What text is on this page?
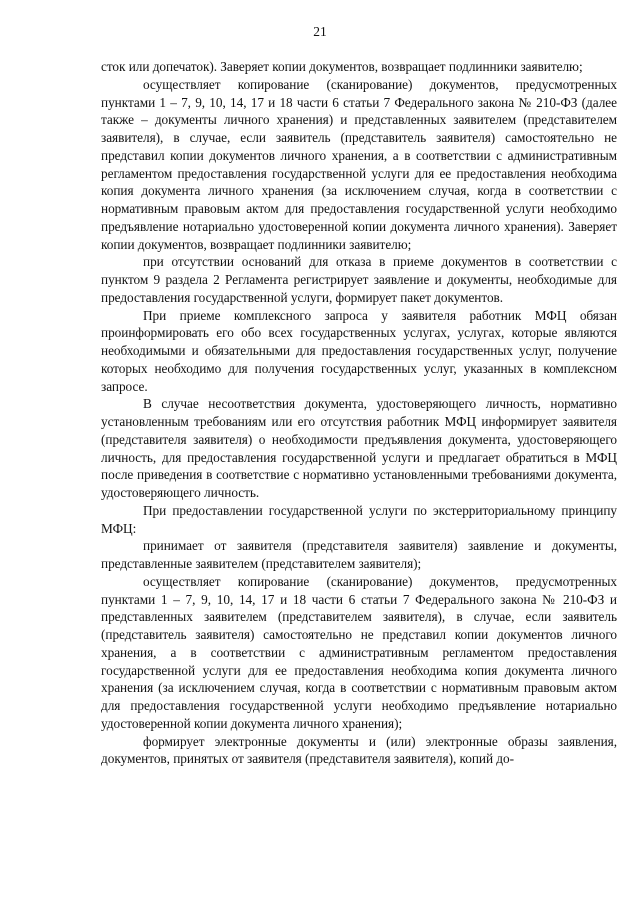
21

сток или допечаток). Заверяет копии документов, возвращает подлинники заявителю;

осуществляет копирование (сканирование) документов, предусмотренных пунктами 1 – 7, 9, 10, 14, 17 и 18 части 6 статьи 7 Федерального закона № 210-ФЗ (далее также – документы личного хранения) и представленных заявителем (представителем заявителя), в случае, если заявитель (представитель заявителя) самостоятельно не представил копии документов личного хранения, а в соответствии с административным регламентом предоставления государственной услуги для ее предоставления необходима копия документа личного хранения (за исключением случая, когда в соответствии с нормативным правовым актом для предоставления государственной услуги необходимо предъявление нотариально удостоверенной копии документа личного хранения). Заверяет копии документов, возвращает подлинники заявителю;

при отсутствии оснований для отказа в приеме документов в соответствии с пунктом 9 раздела 2 Регламента регистрирует заявление и документы, необходимые для предоставления государственной услуги, формирует пакет документов.

При приеме комплексного запроса у заявителя работник МФЦ обязан проинформировать его обо всех государственных услугах, услугах, которые являются необходимыми и обязательными для предоставления государственных услуг, получение которых необходимо для получения государственных услуг, указанных в комплексном запросе.

В случае несоответствия документа, удостоверяющего личность, нормативно установленным требованиям или его отсутствия работник МФЦ информирует заявителя (представителя заявителя) о необходимости предъявления документа, удостоверяющего личность, для предоставления государственной услуги и предлагает обратиться в МФЦ после приведения в соответствие с нормативно установленными требованиями документа, удостоверяющего личность.

При предоставлении государственной услуги по экстерриториальному принципу МФЦ:

принимает от заявителя (представителя заявителя) заявление и документы, представленные заявителем (представителем заявителя);

осуществляет копирование (сканирование) документов, предусмотренных пунктами 1 – 7, 9, 10, 14, 17 и 18 части 6 статьи 7 Федерального закона № 210-ФЗ и представленных заявителем (представителем заявителя), в случае, если заявитель (представитель заявителя) самостоятельно не представил копии документов личного хранения, а в соответствии с административным регламентом предоставления государственной услуги для ее предоставления необходима копия документа личного хранения (за исключением случая, когда в соответствии с нормативным правовым актом для предоставления государственной услуги необходимо предъявление нотариально удостоверенной копии документа личного хранения);

формирует электронные документы и (или) электронные образы заявления, документов, принятых от заявителя (представителя заявителя), копий до-
